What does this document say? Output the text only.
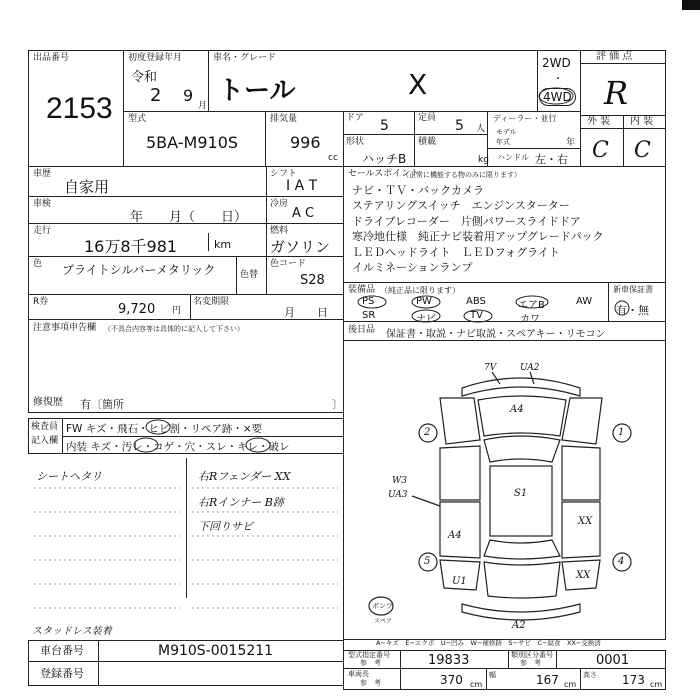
出品番号
2153
初度登録年月
令和
2 9
月
車名・グレード
トール	X
2WD
・
4WD
評 価 点
R
外 装 内 装
C C
型式
5BA-M910S
排気量
996
cc
ドア 5	定員 5 人
ディーラー・並行
モデル年式	年
ハンドル 左・右
形状
ハッチB
積載
kg
車歴
自家用
シフト
I A T
車検
年　　月（　　日）
冷房
A C
走行
16万8千981	km
燃料
ガソリン
色 ブライトシルバーメタリック	色替
色コード
S28
R券	9,720 円
名変期限
月　　日
注意事項申告欄 （不具合内容等は具体的に記入して下さい）
修復歴 有〔箇所	〕
セールスポイント
（正常に機能する物のみに限ります）
ナビ・ＴＶ・バックカメラ
ステアリングスイッチ　エンジンスターター
ドライブレコーダー　片側パワースライドドア
寒冷地仕様　純正ナビ装着用アップグレードパック
ＬＥＤヘッドライト　ＬＥＤフォグライト
イルミネーションランプ
新車保証書
有・無
装備品 （純正品に限ります）
PS	PW	ABS	エアB	AW
SR	ナビ	TV	カワ
後日品 保証書・取説・ナビ取説・スペアキー・リモコン
検査員
記入欄
FW キズ・飛石・ヒビ割・リペア跡・×要
内装 キズ・汚レ・コゲ・穴・スレ・キレ・破レ
シートヘタリ	右Rフェンダー XX
右Rインナー B跡
下回りサビ
スタッドレス装着
7V	UA2
A4
2	1
W3
UA3	S1
XX
A4
5	4
U1
XX
A2
ポンプ
スペア
A−キズ　E−エクボ　U−凹み　W−補修跡　S−サビ　C−腐食　XX−交換済
車台番号	M910S-0015211
登録番号
型式指定番号
参　考	19833	類別区分番号
参　考	0001
車両長
参　考	370 cm
幅	167 cm
高さ 173 cm
